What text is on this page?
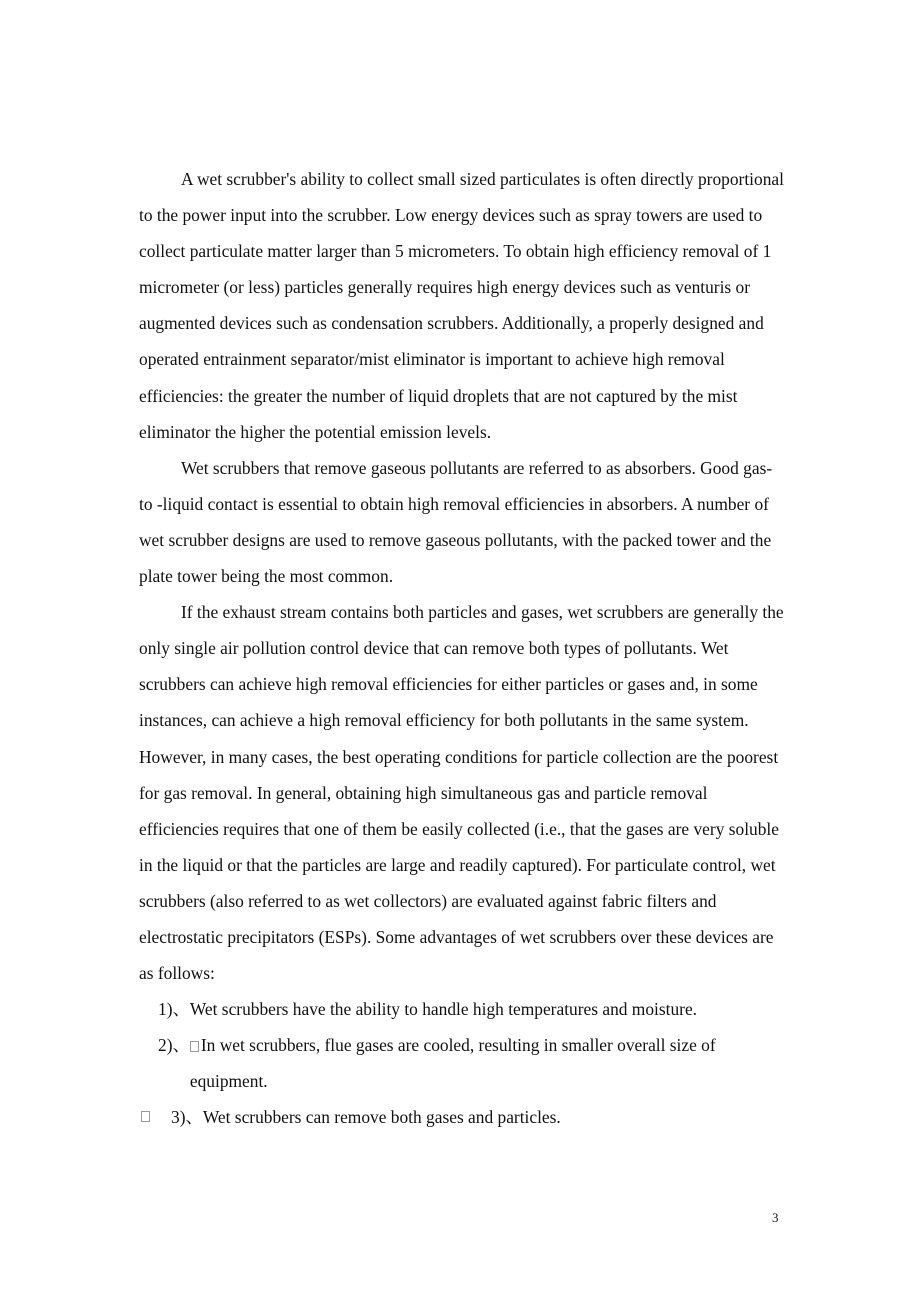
A wet scrubber's ability to collect small sized particulates is often directly proportional to the power input into the scrubber. Low energy devices such as spray towers are used to collect particulate matter larger than 5 micrometers. To obtain high efficiency removal of 1 micrometer (or less) particles generally requires high energy devices such as venturis or augmented devices such as condensation scrubbers. Additionally, a properly designed and operated entrainment separator/mist eliminator is important to achieve high removal efficiencies: the greater the number of liquid droplets that are not captured by the mist eliminator the higher the potential emission levels.

Wet scrubbers that remove gaseous pollutants are referred to as absorbers. Good gas-to -liquid contact is essential to obtain high removal efficiencies in absorbers. A number of wet scrubber designs are used to remove gaseous pollutants, with the packed tower and the plate tower being the most common.

If the exhaust stream contains both particles and gases, wet scrubbers are generally the only single air pollution control device that can remove both types of pollutants. Wet scrubbers can achieve high removal efficiencies for either particles or gases and, in some instances, can achieve a high removal efficiency for both pollutants in the same system. However, in many cases, the best operating conditions for particle collection are the poorest for gas removal. In general, obtaining high simultaneous gas and particle removal efficiencies requires that one of them be easily collected (i.e., that the gases are very soluble in the liquid or that the particles are large and readily captured). For particulate control, wet scrubbers (also referred to as wet collectors) are evaluated against fabric filters and electrostatic precipitators (ESPs). Some advantages of wet scrubbers over these devices are as follows:

1)、 Wet scrubbers have the ability to handle high temperatures and moisture.
2)、 In wet scrubbers, flue gases are cooled, resulting in smaller overall size of equipment.
3)、 Wet scrubbers can remove both gases and particles.
3
